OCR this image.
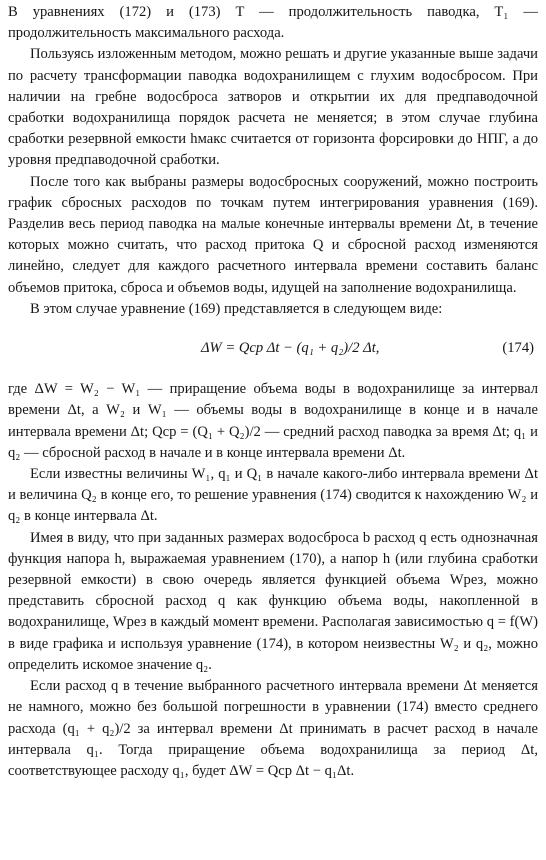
В уравнениях (172) и (173) T — продолжительность паводка, T₁ — продолжительность максимального расхода.

Пользуясь изложенным методом, можно решать и другие указанные выше задачи по расчету трансформации паводка водохранилищем с глухим водосбросом. При наличии на гребне водосброса затворов и открытии их для предпаводочной сработки водохранилища порядок расчета не меняется; в этом случае глубина сработки резервной емкости hмакс считается от горизонта форсировки до НПГ, а до уровня предпаводочной сработки.

После того как выбраны размеры водосбросных сооружений, можно построить график сбросных расходов по точкам путем интегрирования уравнения (169). Разделив весь период паводка на малые конечные интервалы времени Δt, в течение которых можно считать, что расход притока Q и сбросной расход изменяются линейно, следует для каждого расчетного интервала времени составить баланс объемов притока, сброса и объемов воды, идущей на заполнение водохранилища.

В этом случае уравнение (169) представляется в следующем виде:

ΔW = Qср Δt − (q₁ + q₂)/2 Δt,	(174)

где ΔW = W₂ − W₁ — приращение объема воды в водохранилище за интервал времени Δt, а W₂ и W₁ — объемы воды в водохранилище в конце и в начале интервала времени Δt; Qср = (Q₁ + Q₂)/2 — средний расход паводка за время Δt; q₁ и q₂ — сбросной расход в начале и в конце интервала времени Δt.

Если известны величины W₁, q₁ и Q₁ в начале какого-либо интервала времени Δt и величина Q₂ в конце его, то решение уравнения (174) сводится к нахождению W₂ и q₂ в конце интервала Δt.

Имея в виду, что при заданных размерах водосброса b расход q есть однозначная функция напора h, выражаемая уравнением (170), а напор h (или глубина сработки резервной емкости) в свою очередь является функцией объема Wрез, можно представить сбросной расход q как функцию объема воды, накопленной в водохранилище, Wрез в каждый момент времени. Располагая зависимостью q = f(W) в виде графика и используя уравнение (174), в котором неизвестны W₂ и q₂, можно определить искомое значение q₂.

Если расход q в течение выбранного расчетного интервала времени Δt меняется не намного, можно без большой погрешности в уравнении (174) вместо среднего расхода (q₁ + q₂)/2 за интервал времени Δt принимать в расчет расход в начале интервала q₁. Тогда приращение объема водохранилища за период Δt, соответствующее расходу q₁, будет ΔW = Qср Δt − q₁Δt.
